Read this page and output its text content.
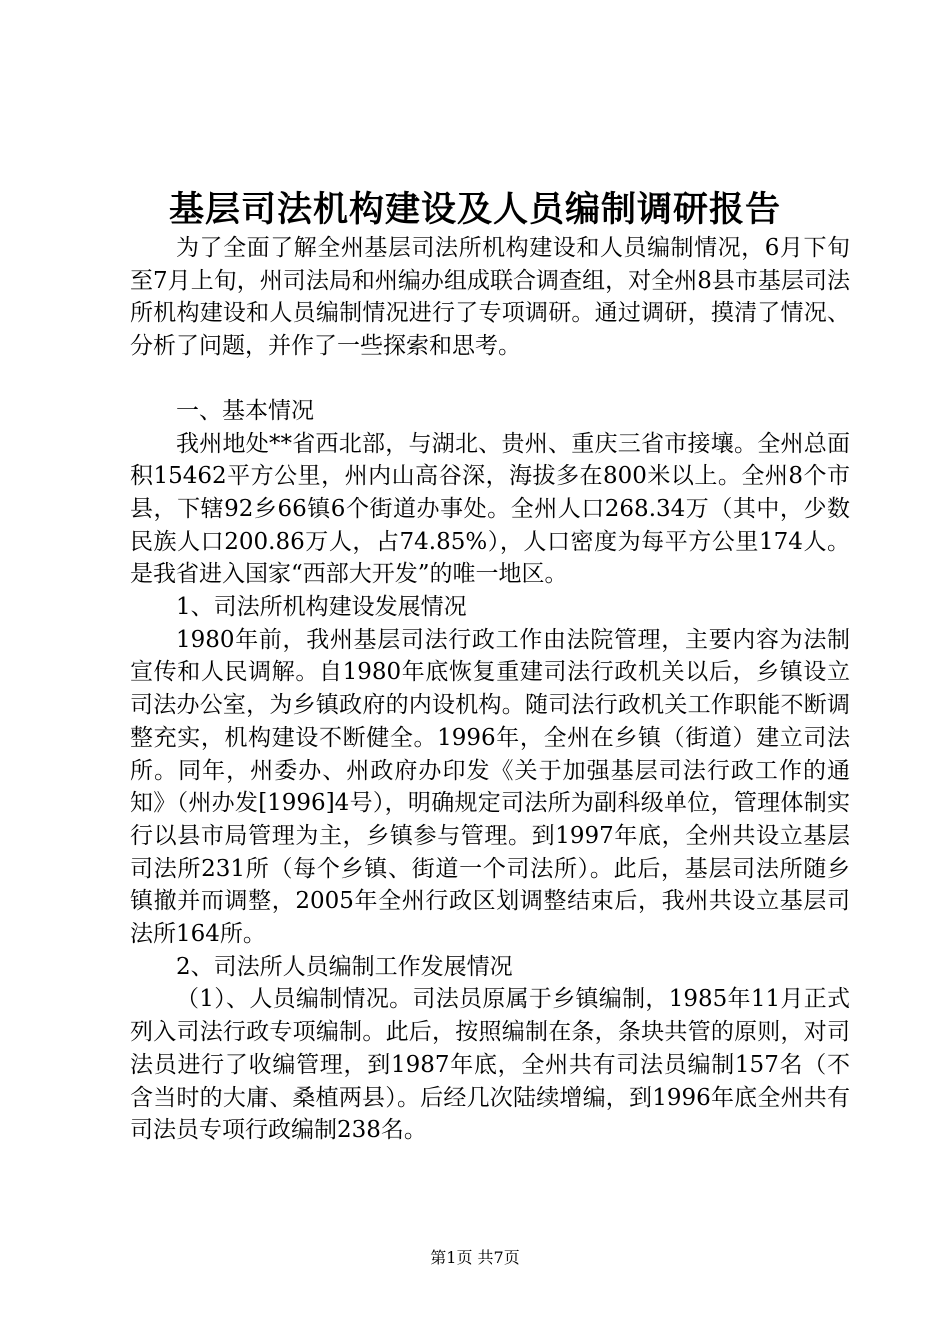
基层司法机构建设及人员编制调研报告

为了全面了解全州基层司法所机构建设和人员编制情况，6月下旬至7月上旬，州司法局和州编办组成联合调查组，对全州8县市基层司法所机构建设和人员编制情况进行了专项调研。通过调研，摸清了情况、分析了问题，并作了一些探索和思考。

一、基本情况

我州地处**省西北部，与湖北、贵州、重庆三省市接壤。全州总面积15462平方公里，州内山高谷深，海拔多在800米以上。全州8个市县，下辖92乡66镇6个街道办事处。全州人口268.34万（其中，少数民族人口200.86万人，占74.85%），人口密度为每平方公里174人。是我省进入国家“西部大开发”的唯一地区。

1、司法所机构建设发展情况

1980年前，我州基层司法行政工作由法院管理，主要内容为法制宣传和人民调解。自1980年底恢复重建司法行政机关以后，乡镇设立司法办公室，为乡镇政府的内设机构。随司法行政机关工作职能不断调整充实，机构建设不断健全。1996年，全州在乡镇（街道）建立司法所。同年，州委办、州政府办印发《关于加强基层司法行政工作的通知》（州办发[1996]4号），明确规定司法所为副科级单位，管理体制实行以县市局管理为主，乡镇参与管理。到1997年底，全州共设立基层司法所231所（每个乡镇、街道一个司法所）。此后，基层司法所随乡镇撤并而调整，2005年全州行政区划调整结束后，我州共设立基层司法所164所。

2、司法所人员编制工作发展情况

（1）、人员编制情况。司法员原属于乡镇编制，1985年11月正式列入司法行政专项编制。此后，按照编制在条，条块共管的原则，对司法员进行了收编管理，到1987年底，全州共有司法员编制157名（不含当时的大庸、桑植两县）。后经几次陆续增编，到1996年底全州共有司法员专项行政编制238名。

第1页 共7页
